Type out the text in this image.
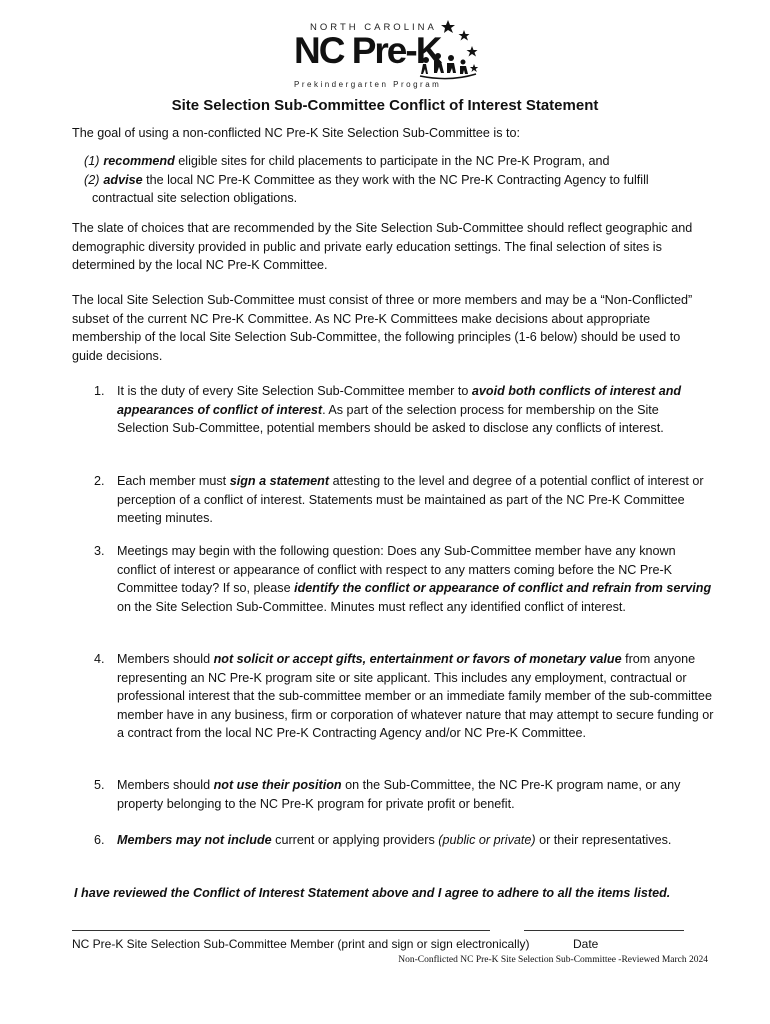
NORTH CAROLINA
NC Pre-K
Prekindergarten Program
Site Selection Sub-Committee Conflict of Interest Statement

The goal of using a non-conflicted NC Pre-K Site Selection Sub-Committee is to:

(1) recommend eligible sites for child placements to participate in the NC Pre-K Program, and
(2) advise the local NC Pre-K Committee as they work with the NC Pre-K Contracting Agency to fulfill
contractual site selection obligations.

The slate of choices that are recommended by the Site Selection Sub-Committee should reflect geographic and demographic diversity provided in public and private early education settings. The final selection of sites is determined by the local NC Pre-K Committee.

The local Site Selection Sub-Committee must consist of three or more members and may be a “Non-Conflicted” subset of the current NC Pre-K Committee. As NC Pre-K Committees make decisions about appropriate membership of the local Site Selection Sub-Committee, the following principles (1-6 below) should be used to guide decisions.

1. It is the duty of every Site Selection Sub-Committee member to avoid both conflicts of interest and appearances of conflict of interest. As part of the selection process for membership on the Site Selection Sub-Committee, potential members should be asked to disclose any conflicts of interest.
2. Each member must sign a statement attesting to the level and degree of a potential conflict of interest or perception of a conflict of interest. Statements must be maintained as part of the NC Pre-K Committee meeting minutes.
3. Meetings may begin with the following question: Does any Sub-Committee member have any known conflict of interest or appearance of conflict with respect to any matters coming before the NC Pre-K Committee today? If so, please identify the conflict or appearance of conflict and refrain from serving on the Site Selection Sub-Committee. Minutes must reflect any identified conflict of interest.
4. Members should not solicit or accept gifts, entertainment or favors of monetary value from anyone representing an NC Pre-K program site or site applicant. This includes any employment, contractual or professional interest that the sub-committee member or an immediate family member of the sub-committee member have in any business, firm or corporation of whatever nature that may attempt to secure funding or a contract from the local NC Pre-K Contracting Agency and/or NC Pre-K Committee.
5. Members should not use their position on the Sub-Committee, the NC Pre-K program name, or any property belonging to the NC Pre-K program for private profit or benefit.
6. Members may not include current or applying providers (public or private) or their representatives.
I have reviewed the Conflict of Interest Statement above and I agree to adhere to all the items listed.
NC Pre-K Site Selection Sub-Committee Member (print and sign or sign electronically)	Date
Non-Conflicted NC Pre-K Site Selection Sub-Committee -Reviewed March 2024
